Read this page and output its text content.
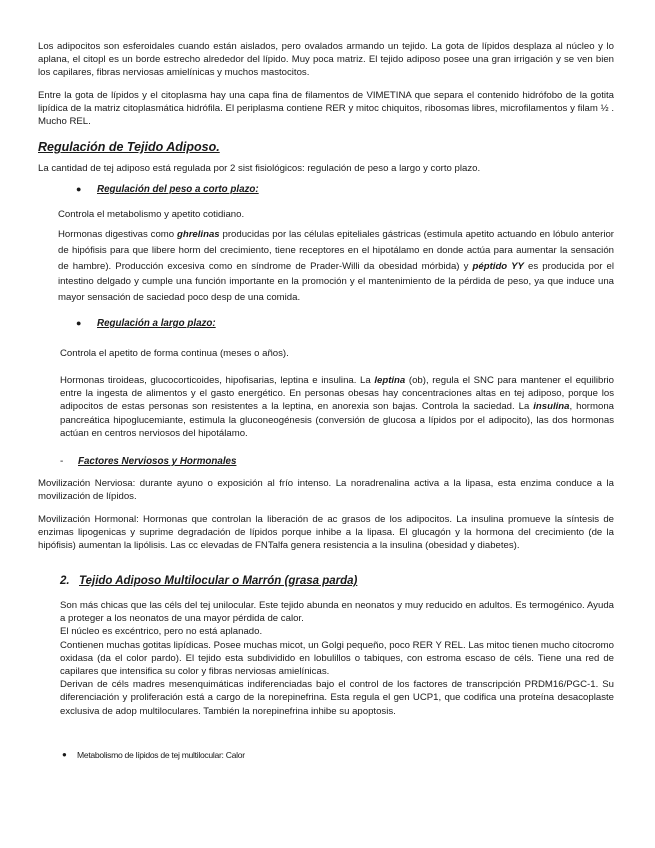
Los adipocitos son esferoidales cuando están aislados, pero ovalados armando un tejido. La gota de lípidos desplaza al núcleo y lo aplana, el citopl es un borde estrecho alrededor del lípido. Muy poca matriz. El tejido adiposo posee una gran irrigación y se ven bien los capilares, fibras nerviosas amielínicas y muchos mastocitos.

Entre la gota de lípidos y el citoplasma hay una capa fina de filamentos de VIMETINA que separa el contenido hidrófobo de la gotita lipídica de la matriz citoplasmática hidrófila. El periplasma contiene RER y mitoc chiquitos, ribosomas libres, microfilamentos y filam ½ . Mucho REL.

Regulación de Tejido Adiposo.

La cantidad de tej adiposo está regulada por 2 sist fisiológicos: regulación de peso a largo y corto plazo.

● Regulación del peso a corto plazo:

Controla el metabolismo y apetito cotidiano.

Hormonas digestivas como ghrelinas producidas por las células epiteliales gástricas (estimula apetito actuando en lóbulo anterior de hipófisis para que libere horm del crecimiento, tiene receptores en el hipotálamo en donde actúa para aumentar la sensación de hambre). Producción excesiva como en síndrome de Prader-Willi da obesidad mórbida) y péptido YY es producida por el intestino delgado y cumple una función importante en la promoción y el mantenimiento de la pérdida de peso, ya que induce una mayor sensación de saciedad poco desp de una comida.

● Regulación a largo plazo:

Controla el apetito de forma continua (meses o años).

Hormonas tiroideas, glucocorticoides, hipofisarias, leptina e insulina. La leptina (ob), regula el SNC para mantener el equilibrio entre la ingesta de alimentos y el gasto energético. En personas obesas hay concentraciones altas en tej adiposo, porque los adipocitos de estas personas son resistentes a la leptina, en anorexia son bajas. Controla la saciedad. La insulina, hormona pancreática hipoglucemiante, estimula la gluconeogénesis (conversión de glucosa a lípidos por el adipocito), las dos hormonas actúan en centros nerviosos del hipotálamo.

- Factores Nerviosos y Hormonales

Movilización Nerviosa: durante ayuno o exposición al frío intenso. La noradrenalina activa a la lipasa, esta enzima conduce a la movilización de lípidos.

Movilización Hormonal: Hormonas que controlan la liberación de ac grasos de los adipocitos. La insulina promueve la síntesis de enzimas lipogenicas y suprime degradación de lípidos porque inhibe a la lipasa. El glucagón y la hormona del crecimiento (de la hipófisis) aumentan la lipólisis. Las cc elevadas de FNTalfa genera resistencia a la insulina (obesidad y diabetes).

2. Tejido Adiposo Multilocular o Marrón (grasa parda)

Son más chicas que las céls del tej unilocular. Este tejido abunda en neonatos y muy reducido en adultos. Es termogénico. Ayuda a proteger a los neonatos de una mayor pérdida de calor.

El núcleo es excéntrico, pero no está aplanado.

Contienen muchas gotitas lipídicas. Posee muchas micot, un Golgi pequeño, poco RER Y REL. Las mitoc tienen mucho citocromo oxidasa (da el color pardo). El tejido esta subdividido en lobulillos o tabiques, con estroma escaso de céls. Tiene una red de capilares que intensifica su color y fibras nerviosas amielínicas.

Derivan de céls madres mesenquimáticas indiferenciadas bajo el control de los factores de transcripción PRDM16/PGC-1. Su diferenciación y proliferación está a cargo de la norepinefrina. Esta regula el gen UCP1, que codifica una proteína desacoplaste exclusiva de adop multiloculares. También la norepinefrina inhibe su apoptosis.

● Metabolismo de lípidos de tej multilocular: Calor
